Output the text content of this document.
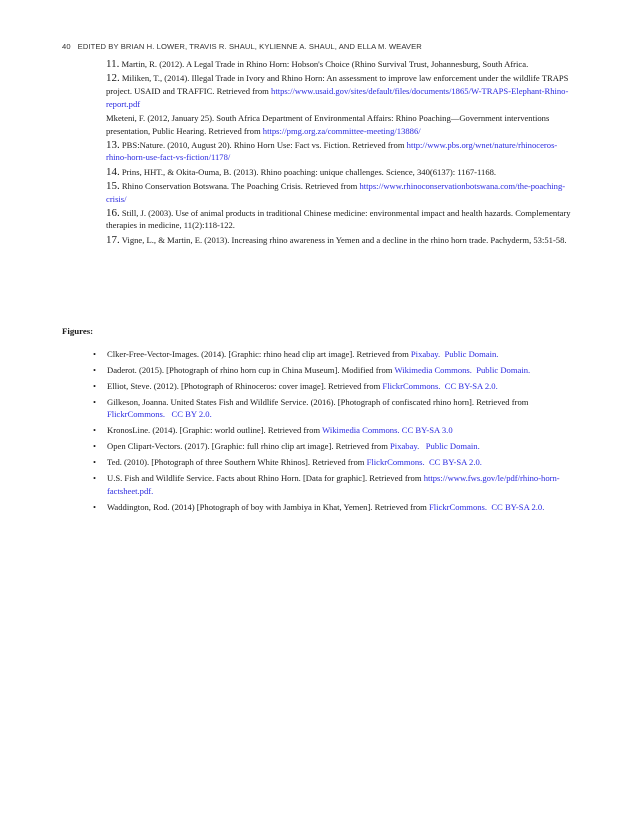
40 EDITED BY BRIAN H. LOWER, TRAVIS R. SHAUL, KYLIENNE A. SHAUL, AND ELLA M. WEAVER

11. Martin, R. (2012). A Legal Trade in Rhino Horn: Hobson's Choice (Rhino Survival Trust, Johannesburg, South Africa.

12. Miliken, T., (2014). Illegal Trade in Ivory and Rhino Horn: An assessment to improve law enforcement under the wildlife TRAPS project. USAID and TRAFFIC. Retrieved from https://www.usaid.gov/sites/default/files/documents/1865/W-TRAPS-Elephant-Rhino-report.pdf

Mketeni, F. (2012, January 25). South Africa Department of Environmental Affairs: Rhino Poaching—Government interventions presentation, Public Hearing. Retrieved from https://pmg.org.za/committee-meeting/13886/

13. PBS:Nature. (2010, August 20). Rhino Horn Use: Fact vs. Fiction. Retrieved from http://www.pbs.org/wnet/nature/rhinoceros-rhino-horn-use-fact-vs-fiction/1178/

14. Prins, HHT., & Okita-Ouma, B. (2013). Rhino poaching: unique challenges. Science, 340(6137): 1167-1168.

15. Rhino Conservation Botswana. The Poaching Crisis. Retrieved from https://www.rhinoconservationbotswana.com/the-poaching-crisis/

16. Still, J. (2003). Use of animal products in traditional Chinese medicine: environmental impact and health hazards. Complementary therapies in medicine, 11(2):118-122.

17. Vigne, L., & Martin, E. (2013). Increasing rhino awareness in Yemen and a decline in the rhino horn trade. Pachyderm, 53:51-58.

Figures:
• Clker-Free-Vector-Images. (2014). [Graphic: rhino head clip art image]. Retrieved from Pixabay. Public Domain.
• Daderot. (2015). [Photograph of rhino horn cup in China Museum]. Modified from Wikimedia Commons. Public Domain.
• Elliot, Steve. (2012). [Photograph of Rhinoceros: cover image]. Retrieved from FlickrCommons. CC BY-SA 2.0.
• Gilkeson, Joanna. United States Fish and Wildlife Service. (2016). [Photograph of confiscated rhino horn]. Retrieved from FlickrCommons. CC BY 2.0.
• KronosLine. (2014). [Graphic: world outline]. Retrieved from Wikimedia Commons. CC BY-SA 3.0
• Open Clipart-Vectors. (2017). [Graphic: full rhino clip art image]. Retrieved from Pixabay. Public Domain.
• Ted. (2010). [Photograph of three Southern White Rhinos]. Retrieved from FlickrCommons. CC BY-SA 2.0.
• U.S. Fish and Wildlife Service. Facts about Rhino Horn. [Data for graphic]. Retrieved from https://www.fws.gov/le/pdf/rhino-horn-factsheet.pdf.
• Waddington, Rod. (2014) [Photograph of boy with Jambiya in Khat, Yemen]. Retrieved from FlickrCommons. CC BY-SA 2.0.
